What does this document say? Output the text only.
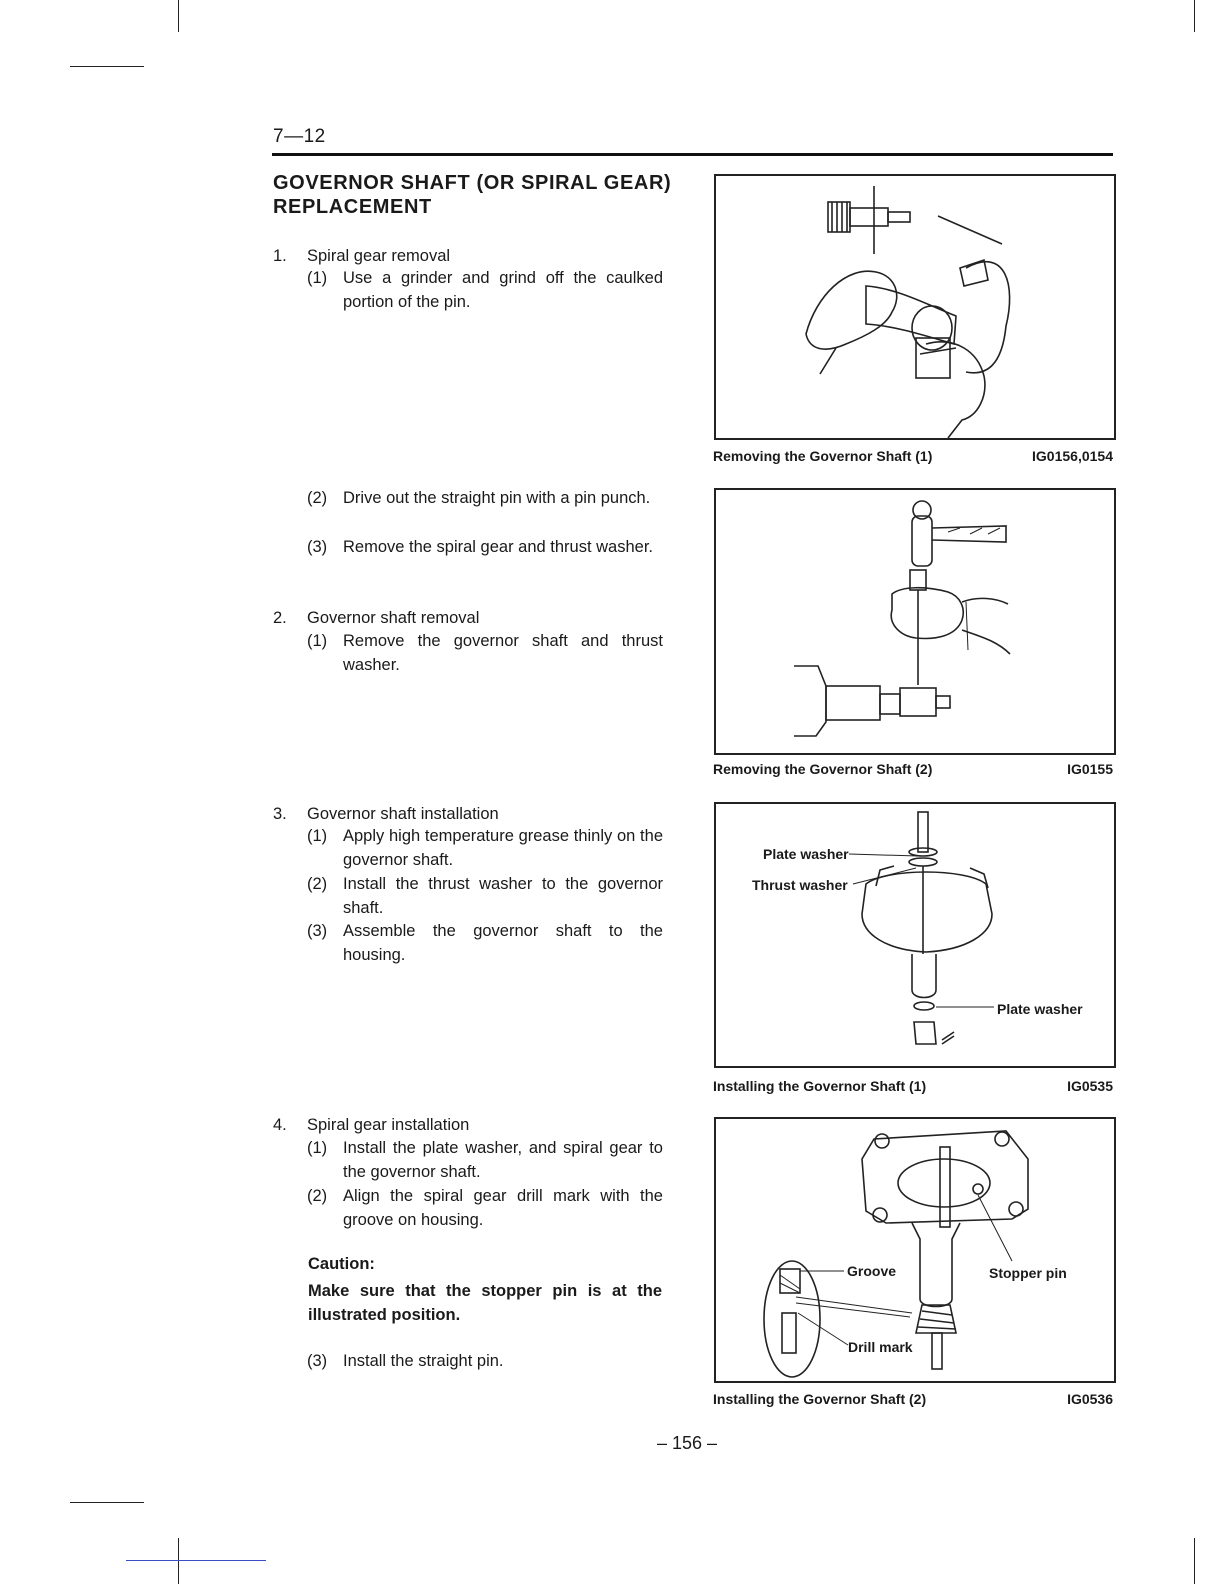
7—12
GOVERNOR SHAFT (OR SPIRAL GEAR) REPLACEMENT
1. Spiral gear removal
(1) Use a grinder and grind off the caulked portion of the pin.
(2) Drive out the straight pin with a pin punch.
(3) Remove the spiral gear and thrust washer.
2. Governor shaft removal
(1) Remove the governor shaft and thrust washer.
3. Governor shaft installation
(1) Apply high temperature grease thinly on the governor shaft.
(2) Install the thrust washer to the governor shaft.
(3) Assemble the governor shaft to the housing.
4. Spiral gear installation
(1) Install the plate washer, and spiral gear to the governor shaft.
(2) Align the spiral gear drill mark with the groove on housing.
Caution:
Make sure that the stopper pin is at the illustrated position.
(3) Install the straight pin.
Removing the Governor Shaft (1)	IG0156,0154
Removing the Governor Shaft (2)	IG0155
Plate washer
Thrust washer
Plate washer
Installing the Governor Shaft (1)	IG0535
Groove	Stopper pin
Drill mark
Installing the Governor Shaft (2)	IG0536
– 156 –
